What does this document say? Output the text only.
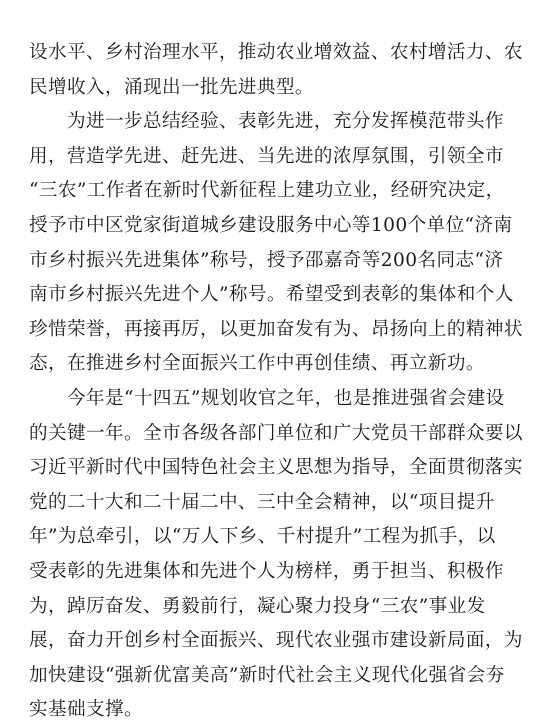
设水平、乡村治理水平，推动农业增效益、农村增活力、农
民增收入，涌现出一批先进典型。
为进一步总结经验、表彰先进，充分发挥模范带头作
用，营造学先进、赶先进、当先进的浓厚氛围，引领全市
“三农”工作者在新时代新征程上建功立业，经研究决定，
授予市中区党家街道城乡建设服务中心等100个单位“济南
市乡村振兴先进集体”称号，授予邵嘉奇等200名同志“济
南市乡村振兴先进个人”称号。希望受到表彰的集体和个人
珍惜荣誉，再接再厉，以更加奋发有为、昂扬向上的精神状
态，在推进乡村全面振兴工作中再创佳绩、再立新功。
今年是“十四五”规划收官之年，也是推进强省会建设
的关键一年。全市各级各部门单位和广大党员干部群众要以
习近平新时代中国特色社会主义思想为指导，全面贯彻落实
党的二十大和二十届二中、三中全会精神，以“项目提升
年”为总牵引，以“万人下乡、千村提升”工程为抓手，以
受表彰的先进集体和先进个人为榜样，勇于担当、积极作
为，踔厉奋发、勇毅前行，凝心聚力投身“三农”事业发
展，奋力开创乡村全面振兴、现代农业强市建设新局面，为
加快建设“强新优富美高”新时代社会主义现代化强省会夯
实基础支撑。
